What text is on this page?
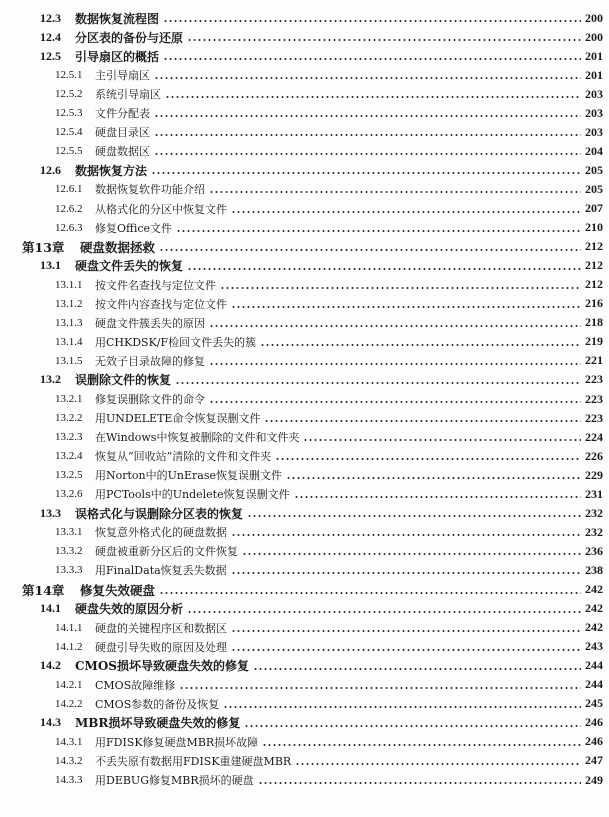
12.3	数据恢复流程图	200
12.4	分区表的备份与还原	200
12.5	引导扇区的概括	201
12.5.1	主引导扇区	201
12.5.2	系统引导扇区	203
12.5.3	文件分配表	203
12.5.4	硬盘目录区	203
12.5.5	硬盘数据区	204
12.6	数据恢复方法	205
12.6.1	数据恢复软件功能介绍	205
12.6.2	从格式化的分区中恢复文件	207
12.6.3	修复Office文件	210
第13章	硬盘数据拯救	212
13.1	硬盘文件丢失的恢复	212
13.1.1	按文件名查找与定位文件	212
13.1.2	按文件内容查找与定位文件	216
13.1.3	硬盘文件簇丢失的原因	218
13.1.4	用CHKDSK/F检回文件丢失的簇	219
13.1.5	无效子目录故障的修复	221
13.2	误删除文件的恢复	223
13.2.1	修复误删除文件的命令	223
13.2.2	用UNDELETE命令恢复误删文件	223
13.2.3	在Windows中恢复被删除的文件和文件夹	224
13.2.4	恢复从“回收站”清除的文件和文件夹	226
13.2.5	用Norton中的UnErase恢复误删文件	229
13.2.6	用PCTools中的Undelete恢复误删文件	231
13.3	误格式化与误删除分区表的恢复	232
13.3.1	恢复意外格式化的硬盘数据	232
13.3.2	硬盘被重新分区后的文件恢复	236
13.3.3	用FinalData恢复丢失数据	238
第14章	修复失效硬盘	242
14.1	硬盘失效的原因分析	242
14.1.1	硬盘的关键程序区和数据区	242
14.1.2	硬盘引导失败的原因及处理	243
14.2	CMOS损坏导致硬盘失效的修复	244
14.2.1	CMOS故障维修	244
14.2.2	CMOS参数的备份及恢复	245
14.3	MBR损坏导致硬盘失效的修复	246
14.3.1	用FDISK修复硬盘MBR损坏故障	246
14.3.2	不丢失原有数据用FDISK重建硬盘MBR	247
14.3.3	用DEBUG修复MBR损坏的硬盘	249
